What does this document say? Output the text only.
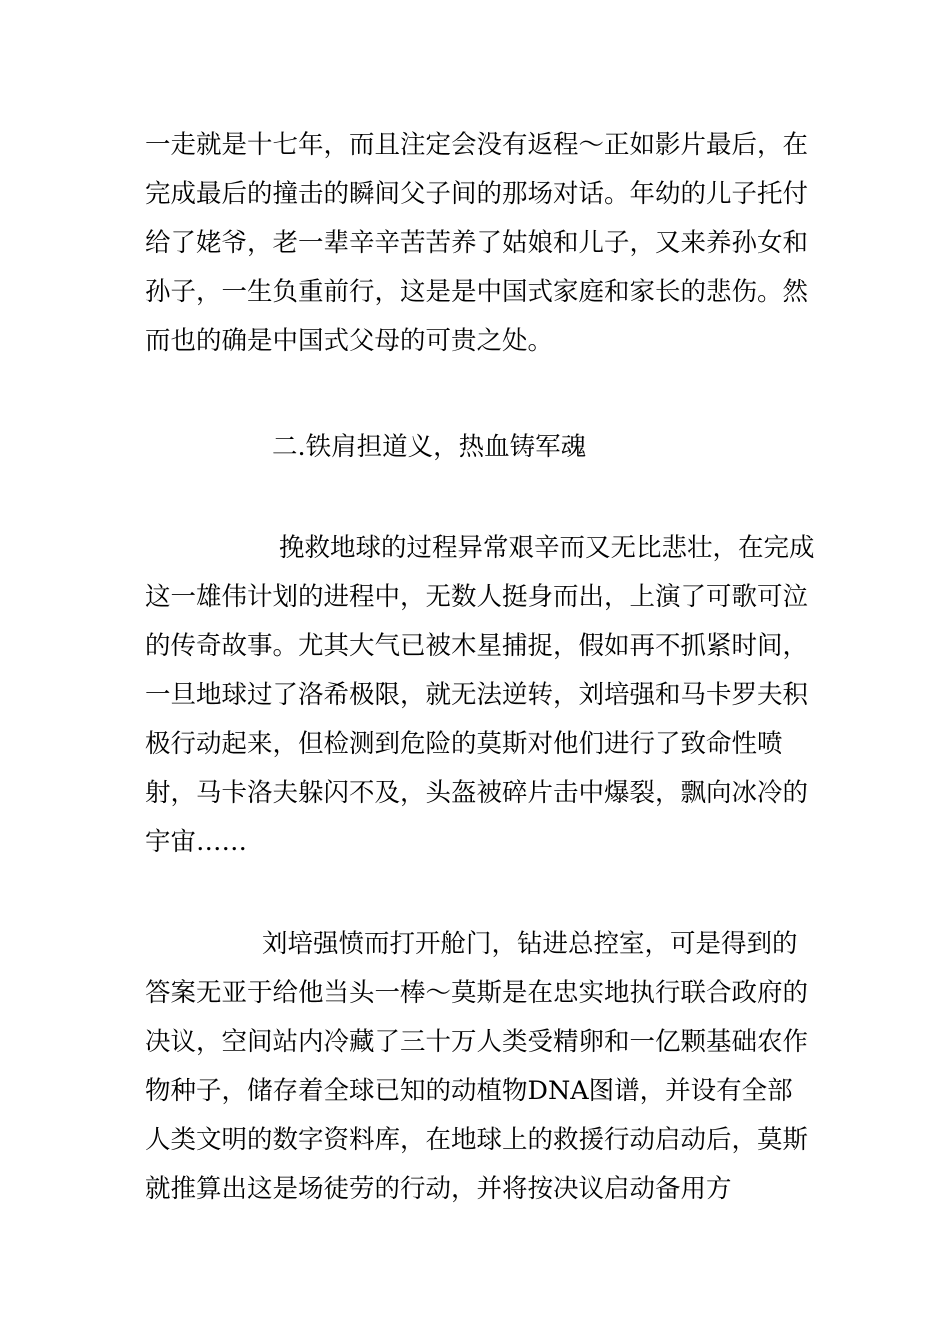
一走就是十七年，而且注定会没有返程～正如影片最后，在完成最后的撞击的瞬间父子间的那场对话。年幼的儿子托付给了姥爷，老一辈辛辛苦苦养了姑娘和儿子，又来养孙女和孙子，一生负重前行，这是是中国式家庭和家长的悲伤。然而也的确是中国式父母的可贵之处。

二.铁肩担道义，热血铸军魂

挽救地球的过程异常艰辛而又无比悲壮，在完成这一雄伟计划的进程中，无数人挺身而出，上演了可歌可泣的传奇故事。尤其大气已被木星捕捉，假如再不抓紧时间，一旦地球过了洛希极限，就无法逆转，刘培强和马卡罗夫积极行动起来，但检测到危险的莫斯对他们进行了致命性喷射，马卡洛夫躲闪不及，头盔被碎片击中爆裂，飘向冰冷的宇宙……

刘培强愤而打开舱门，钻进总控室，可是得到的答案无亚于给他当头一棒～莫斯是在忠实地执行联合政府的决议，空间站内冷藏了三十万人类受精卵和一亿颗基础农作物种子，储存着全球已知的动植物DNA图谱，并设有全部人类文明的数字资料库，在地球上的救援行动启动后，莫斯就推算出这是场徒劳的行动，并将按决议启动备用方
